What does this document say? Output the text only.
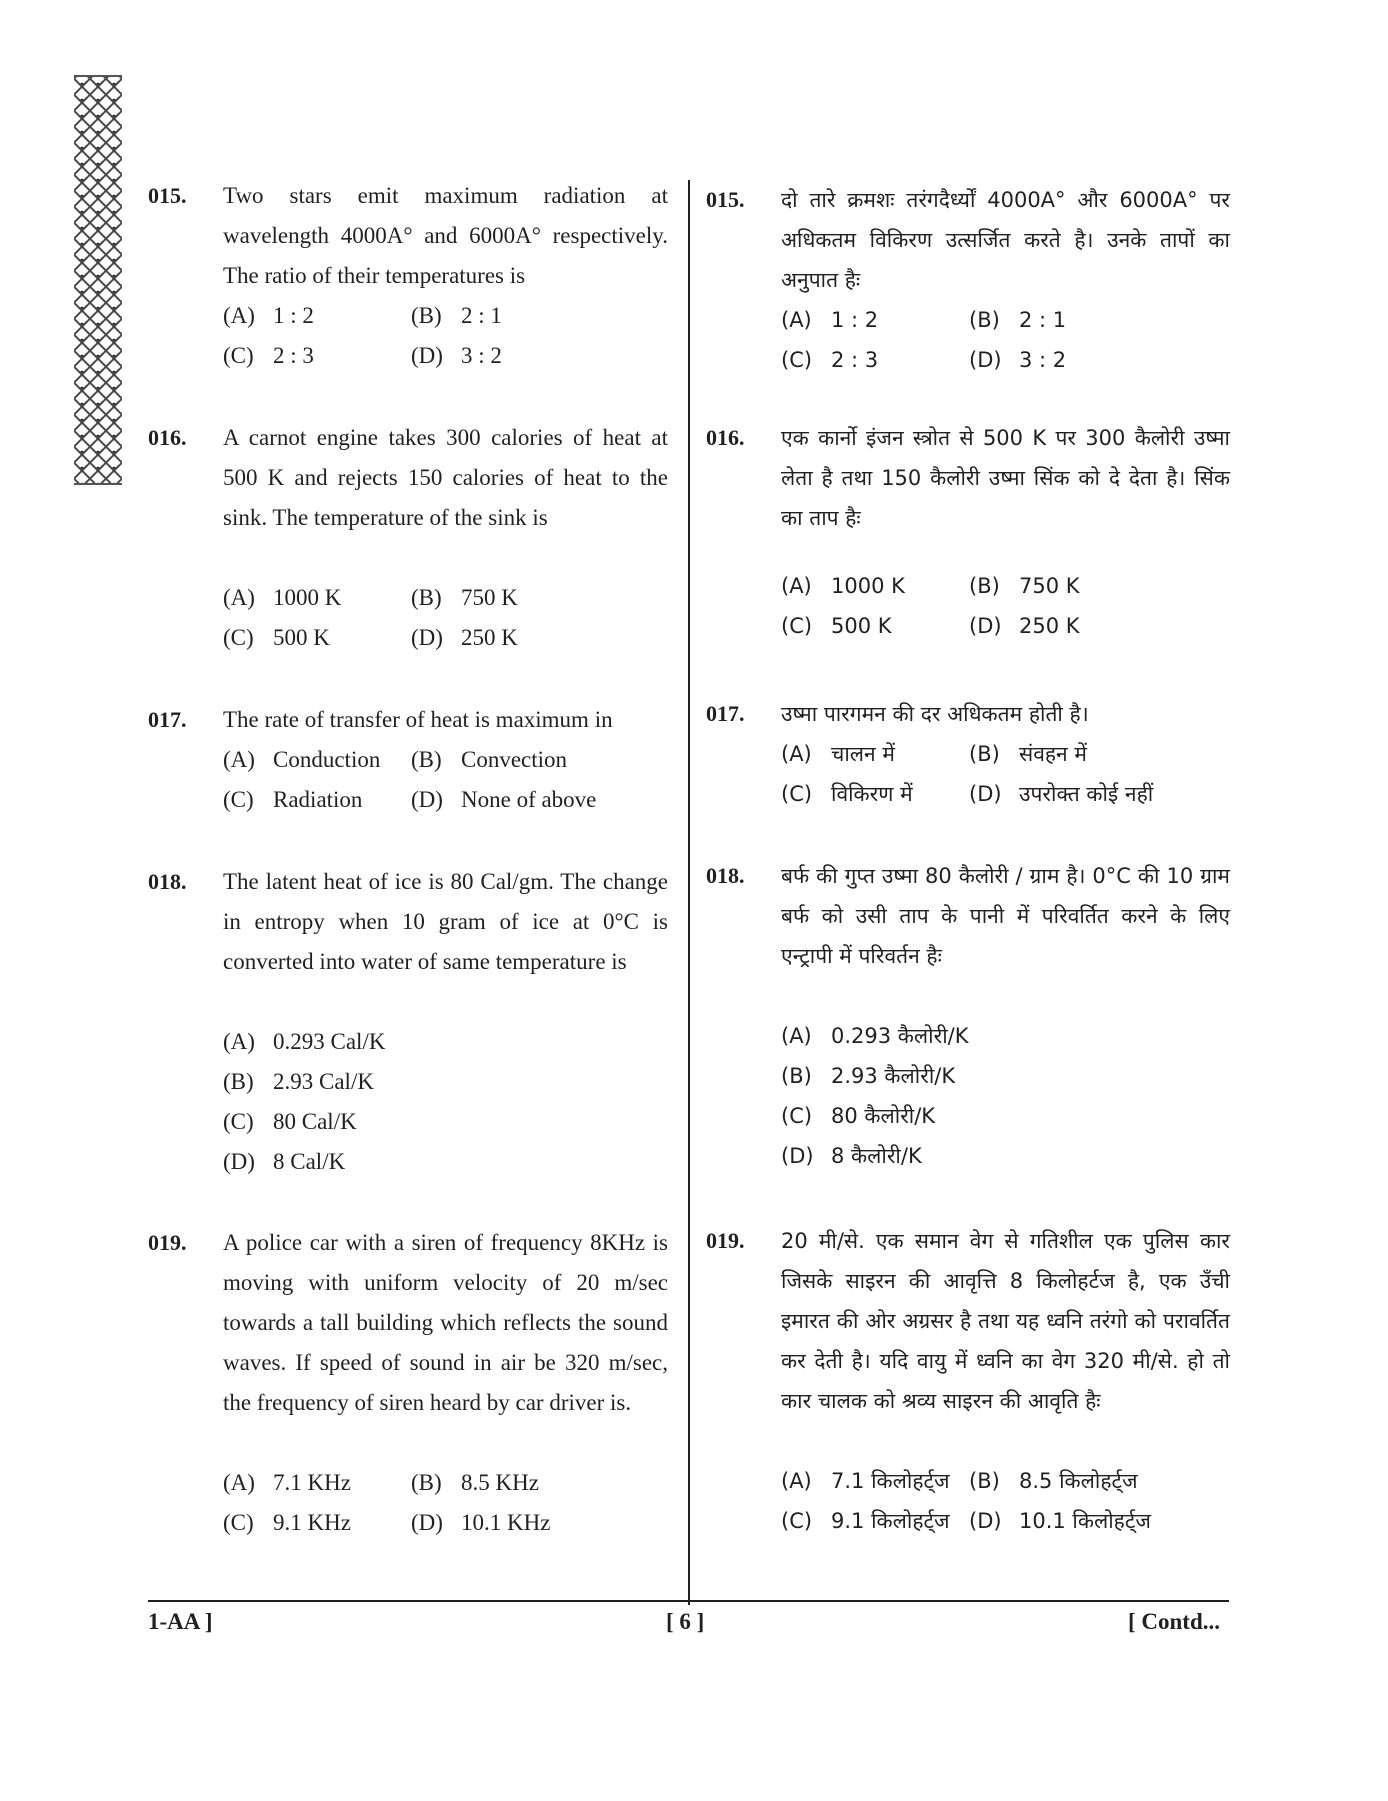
015. Two stars emit maximum radiation at wavelength 4000A° and 6000A° respectively. The ratio of their temperatures is
(A) 1 : 2	(B) 2 : 1
(C) 2 : 3	(D) 3 : 2
016. A carnot engine takes 300 calories of heat at 500 K and rejects 150 calories of heat to the sink. The temperature of the sink is
(A) 1000 K	(B) 750 K
(C) 500 K	(D) 250 K
017. The rate of transfer of heat is maximum in
(A) Conduction (B) Convection
(C) Radiation (D) None of above
018. The latent heat of ice is 80 Cal/gm. The change in entropy when 10 gram of ice at 0°C is converted into water of same temperature is
(A) 0.293 Cal/K
(B) 2.93 Cal/K
(C) 80 Cal/K
(D) 8 Cal/K
019. A police car with a siren of frequency 8KHz is moving with uniform velocity of 20 m/sec towards a tall building which reflects the sound waves. If speed of sound in air be 320 m/sec, the frequency of siren heard by car driver is.
(A) 7.1 KHz	(B) 8.5 KHz
(C) 9.1 KHz	(D) 10.1 KHz
015. दो तारे क्रमशः तरंगदैर्ध्यों 4000A° और 6000A° पर अधिकतम विकिरण उत्सर्जित करते है। उनके तापों का अनुपात हैः
(A) 1 : 2	(B) 2 : 1
(C) 2 : 3	(D) 3 : 2
016. एक कार्नो इंजन स्त्रोत से 500 K पर 300 कैलोरी उष्मा लेता है तथा 150 कैलोरी उष्मा सिंक को दे देता है। सिंक का ताप हैः
(A) 1000 K	(B) 750 K
(C) 500 K	(D) 250 K
017. उष्मा पारगमन की दर अधिकतम होती है।
(A) चालन में	(B) संवहन में
(C) विकिरण में	(D) उपरोक्त कोई नहीं
018. बर्फ की गुप्त उष्मा 80 कैलोरी / ग्राम है। 0°C की 10 ग्राम बर्फ को उसी ताप के पानी में परिवर्तित करने के लिए एन्ट्रापी में परिवर्तन हैः
(A) 0.293 कैलोरी/K
(B) 2.93 कैलोरी/K
(C) 80 कैलोरी/K
(D) 8 कैलोरी/K
019. 20 मी/से. एक समान वेग से गतिशील एक पुलिस कार जिसके साइरन की आवृत्ति 8 किलोहर्टज है, एक उँची इमारत की ओर अग्रसर है तथा यह ध्वनि तरंगो को परावर्तित कर देती है। यदि वायु में ध्वनि का वेग 320 मी/से. हो तो कार चालक को श्रव्य साइरन की आवृति हैः
(A) 7.1 किलोहर्ट्ज (B) 8.5 किलोहर्ट्ज
(C) 9.1 किलोहर्ट्ज (D) 10.1 किलोहर्ट्ज
1-AA ]	[ 6 ]	[ Contd...
